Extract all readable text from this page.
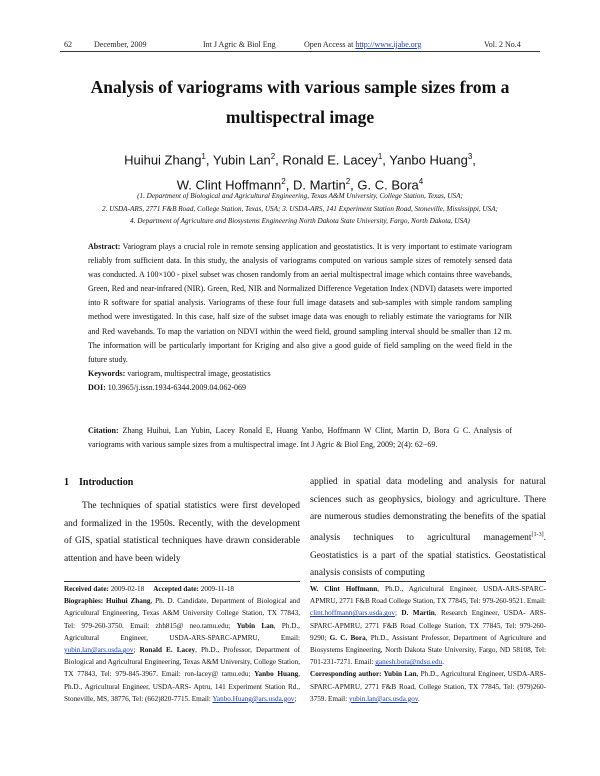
62	December, 2009	Int J Agric & Biol Eng	Open Access at http://www.ijabe.org	Vol. 2 No.4
Analysis of variograms with various sample sizes from a multispectral image
Huihui Zhang$^1$, Yubin Lan$^2$, Ronald E. Lacey$^1$, Yanbo Huang$^3$,
W. Clint Hoffmann$^2$, D. Martin$^2$, G. C. Bora$^4$
(1. Department of Biological and Agricultural Engineering, Texas A&M University, College Station, Texas, USA;
2. USDA-ARS, 2771 F&B Road, College Station, Texas, USA; 3. USDA-ARS, 141 Experiment Station Road, Stoneville, Mississippi, USA;
4. Department of Agriculture and Biosystems Engineering North Dakota State University, Fargo, North Dakota, USA)

Abstract: Variogram plays a crucial role in remote sensing application and geostatistics. It is very important to estimate variogram reliably from sufficient data. In this study, the analysis of variograms computed on various sample sizes of remotely sensed data was conducted. A 100×100 - pixel subset was chosen randomly from an aerial multispectral image which contains three wavebands, Green, Red and near-infrared (NIR). Green, Red, NIR and Normalized Difference Vegetation Index (NDVI) datasets were imported into R software for spatial analysis. Variograms of these four full image datasets and sub-samples with simple random sampling method were investigated. In this case, half size of the subset image data was enough to reliably estimate the variograms for NIR and Red wavebands. To map the variation on NDVI within the weed field, ground sampling interval should be smaller than 12 m. The information will be particularly important for Kriging and also give a good guide of field sampling on the weed field in the future study.

Keywords: variogram, multispectral image, geostatistics

DOI: 10.3965/j.issn.1934-6344.2009.04.062-069

Citation: Zhang Huihui, Lan Yubin, Lacey Ronald E, Huang Yanbo, Hoffmann W Clint, Martin D, Bora G C. Analysis of variograms with various sample sizes from a multispectral image. Int J Agric & Biol Eng, 2009; 2(4): 62−69.
1 Introduction

The techniques of spatial statistics were first developed and formalized in the 1950s. Recently, with the development of GIS, spatial statistical techniques have drawn considerable attention and have been widely

applied in spatial data modeling and analysis for natural sciences such as geophysics, biology and agriculture. There are numerous studies demonstrating the benefits of the spatial analysis techniques to agricultural management[1-3]. Geostatistics is a part of the spatial statistics. Geostatistical analysis consists of computing

Received date: 2009-02-18 Accepted date: 2009-11-18

Biographies: Huihui Zhang, Ph. D. Candidate, Department of Biological and Agricultural Engineering, Texas A&M University College Station, TX 77843, Tel: 979-260-3750. Email: zhh815@ neo.tamu.edu; Yubin Lan, Ph.D., Agricultural Engineer, USDA-ARS-SPARC-APMRU, Email: yubin.lan@ars.usda.gov; Ronald E. Lacey, Ph.D., Professor, Department of Biological and Agricultural Engineering, Texas A&M University, College Station, TX 77843, Tel: 979-845-3967. Email: ron-lacey@ tamu.edu; Yanbo Huang, Ph.D., Agricultural Engineer, USDA-ARS- Aptru, 141 Experiment Station Rd., Stoneville, MS, 38776, Tel: (662)820-7715. Email: Yanbo.Huang@ars.usda.gov;

W. Clint Hoffmann, Ph.D., Agricultural Engineer, USDA-ARS-SPARC-APMRU, 2771 F&B Road College Station, TX 77845, Tel: 979-260-9521. Email: clint.hoffmann@ars.usda.gov; D. Martin, Research Engineer, USDA- ARS-SPARC-APMRU, 2771 F&B Road College Station, TX 77845, Tel: 979-260-9290; G. C. Bora, Ph.D., Assistant Professor, Department of Agriculture and Biosystems Engineering, North Dakota State University, Fargo, ND 58108, Tel: 701-231-7271. Email: ganesh.bora@ndsu.edu.

Corresponding author: Yubin Lan, Ph.D., Agricultural Engineer, USDA-ARS-SPARC-APMRU, 2771 F&B Road, College Station, TX 77845, Tel: (979)260-3759. Email: yubin.lan@ars.usda.gov.
